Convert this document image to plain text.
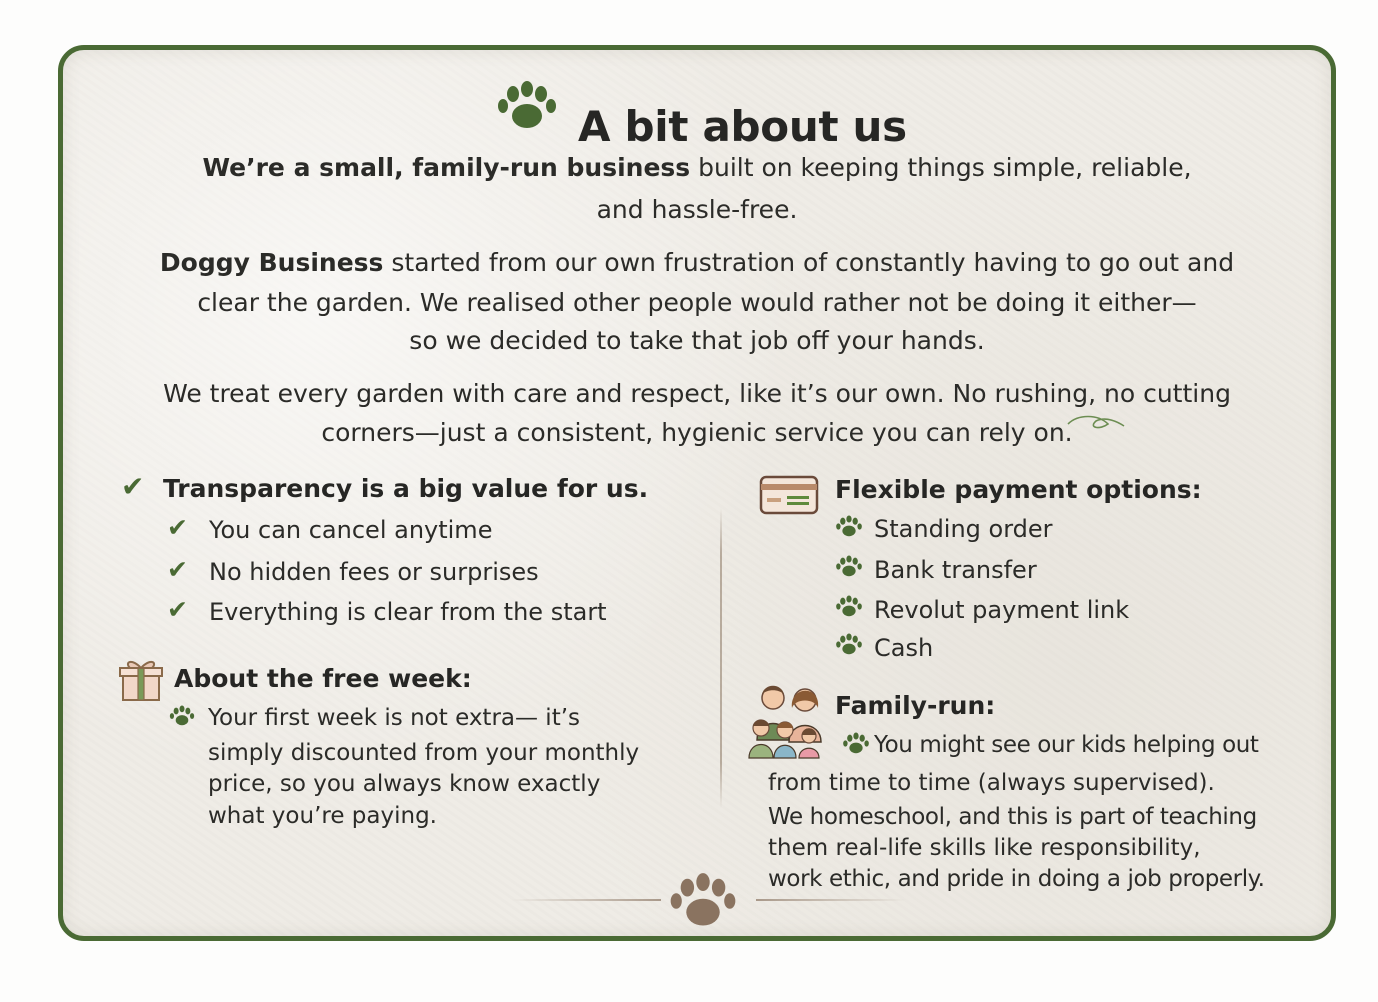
A bit about us
We’re a small, family-run business built on keeping things simple, reliable,
and hassle-free.
Doggy Business started from our own frustration of constantly having to go out and
clear the garden. We realised other people would rather not be doing it either—
so we decided to take that job off your hands.
We treat every garden with care and respect, like it’s our own. No rushing, no cutting
corners—just a consistent, hygienic service you can rely on.
✔ Transparency is a big value for us.
✔ You can cancel anytime
✔ No hidden fees or surprises
✔ Everything is clear from the start
About the free week:
Your first week is not extra— it’s
simply discounted from your monthly
price, so you always know exactly
what you’re paying.
Flexible payment options:
Standing order
Bank transfer
Revolut payment link
Cash
Family-run:
You might see our kids helping out
from time to time (always supervised).
We homeschool, and this is part of teaching
them real-life skills like responsibility,
work ethic, and pride in doing a job properly.
